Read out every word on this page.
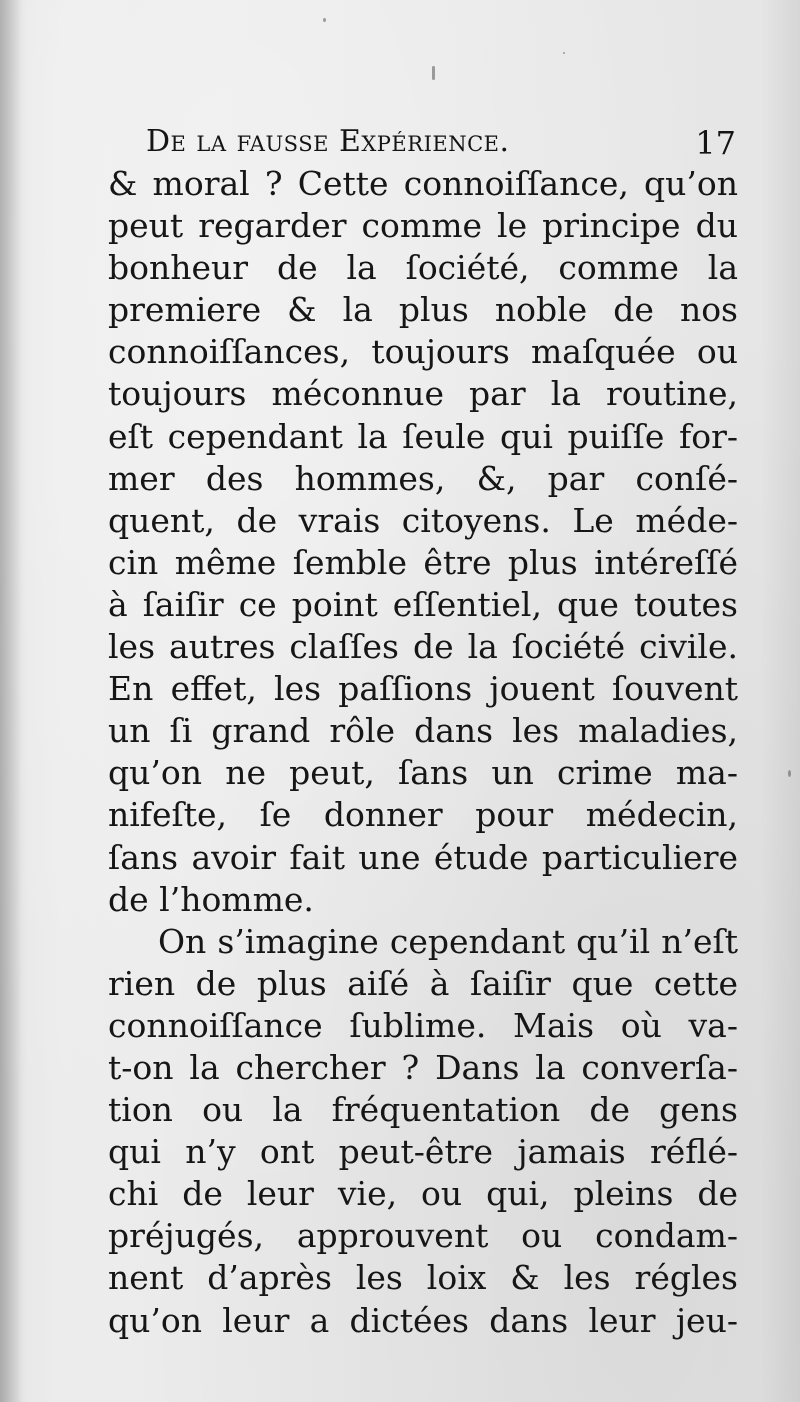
De la fausse Expérience.	17
& moral ? Cette connoiſſance, qu’on
peut regarder comme le principe du
bonheur de la ſociété, comme la
premiere & la plus noble de nos
connoiſſances, toujours maſquée ou
toujours méconnue par la routine,
eſt cependant la ſeule qui puiſſe for-
mer des hommes, &, par conſé-
quent, de vrais citoyens. Le méde-
cin même ſemble être plus intéreſſé
à ſaiſir ce point eſſentiel, que toutes
les autres claſſes de la ſociété civile.
En effet, les paſſions jouent ſouvent
un ſi grand rôle dans les maladies,
qu’on ne peut, ſans un crime ma-
nifeſte, ſe donner pour médecin,
ſans avoir fait une étude particuliere
de l’homme.
On s’imagine cependant qu’il n’eſt
rien de plus aiſé à ſaiſir que cette
connoiſſance ſublime. Mais où va-
t-on la chercher ? Dans la converſa-
tion ou la fréquentation de gens
qui n’y ont peut-être jamais réflé-
chi de leur vie, ou qui, pleins de
préjugés, approuvent ou condam-
nent d’après les loix & les régles
qu’on leur a dictées dans leur jeu-
